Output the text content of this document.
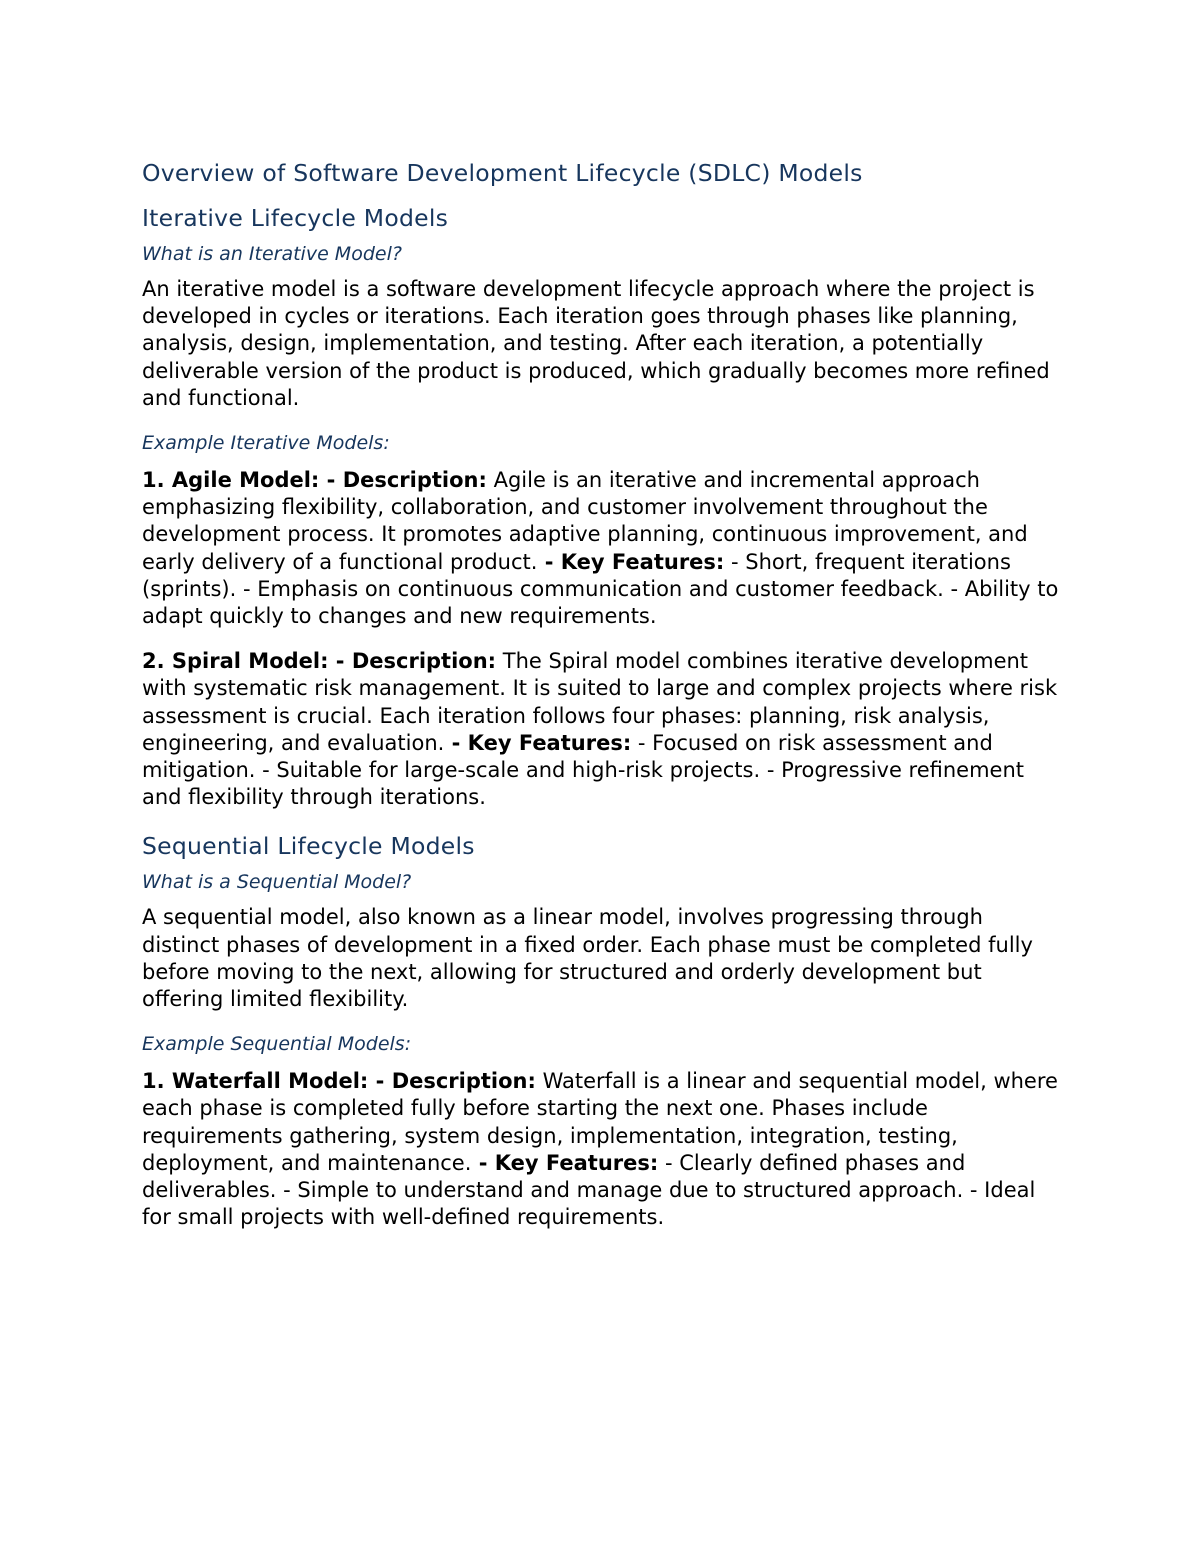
Overview of Software Development Lifecycle (SDLC) Models
Iterative Lifecycle Models
What is an Iterative Model?

An iterative model is a software development lifecycle approach where the project is developed in cycles or iterations. Each iteration goes through phases like planning, analysis, design, implementation, and testing. After each iteration, a potentially deliverable version of the product is produced, which gradually becomes more refined and functional.

Example Iterative Models:

1. Agile Model: - Description: Agile is an iterative and incremental approach emphasizing flexibility, collaboration, and customer involvement throughout the development process. It promotes adaptive planning, continuous improvement, and early delivery of a functional product. - Key Features: - Short, frequent iterations (sprints). - Emphasis on continuous communication and customer feedback. - Ability to adapt quickly to changes and new requirements.

2. Spiral Model: - Description: The Spiral model combines iterative development with systematic risk management. It is suited to large and complex projects where risk assessment is crucial. Each iteration follows four phases: planning, risk analysis, engineering, and evaluation. - Key Features: - Focused on risk assessment and mitigation. - Suitable for large-scale and high-risk projects. - Progressive refinement and flexibility through iterations.

Sequential Lifecycle Models
What is a Sequential Model?

A sequential model, also known as a linear model, involves progressing through distinct phases of development in a fixed order. Each phase must be completed fully before moving to the next, allowing for structured and orderly development but offering limited flexibility.

Example Sequential Models:

1. Waterfall Model: - Description: Waterfall is a linear and sequential model, where each phase is completed fully before starting the next one. Phases include requirements gathering, system design, implementation, integration, testing, deployment, and maintenance. - Key Features: - Clearly defined phases and deliverables. - Simple to understand and manage due to structured approach. - Ideal for small projects with well-defined requirements.
